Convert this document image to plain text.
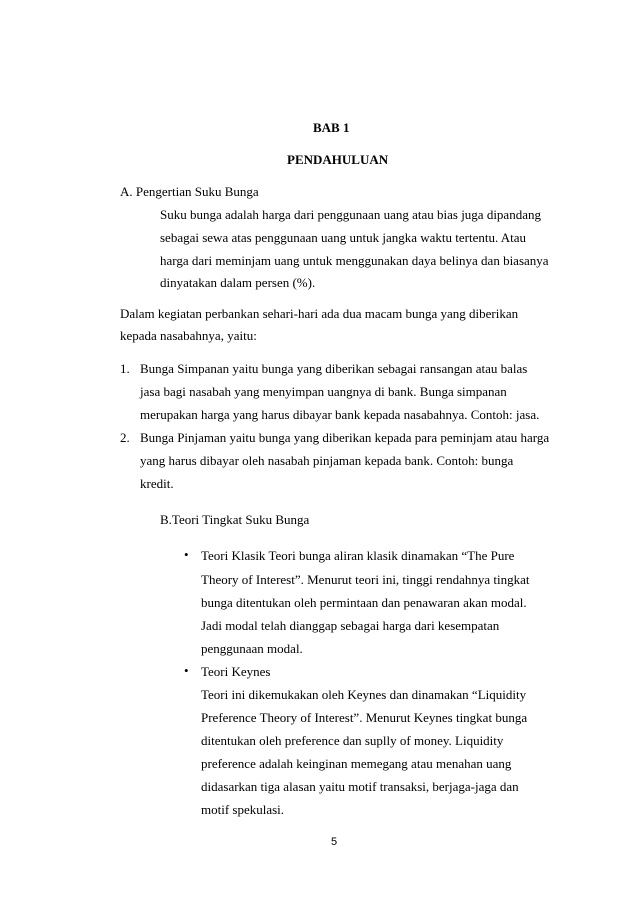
BAB 1
PENDAHULUAN
A. Pengertian Suku Bunga
Suku bunga adalah harga dari penggunaan uang atau bias juga dipandang
sebagai sewa atas penggunaan uang untuk jangka waktu tertentu. Atau
harga dari meminjam uang untuk menggunakan daya belinya dan biasanya
dinyatakan dalam persen (%).
Dalam kegiatan perbankan sehari-hari ada dua macam bunga yang diberikan
kepada nasabahnya, yaitu:
1. Bunga Simpanan yaitu bunga yang diberikan sebagai ransangan atau balas
jasa bagi nasabah yang menyimpan uangnya di bank. Bunga simpanan
merupakan harga yang harus dibayar bank kepada nasabahnya. Contoh: jasa.
2. Bunga Pinjaman yaitu bunga yang diberikan kepada para peminjam atau harga
yang harus dibayar oleh nasabah pinjaman kepada bank. Contoh: bunga
kredit.
B.Teori Tingkat Suku Bunga
• Teori Klasik Teori bunga aliran klasik dinamakan “The Pure
Theory of Interest”. Menurut teori ini, tinggi rendahnya tingkat
bunga ditentukan oleh permintaan dan penawaran akan modal.
Jadi modal telah dianggap sebagai harga dari kesempatan
penggunaan modal.
• Teori Keynes
Teori ini dikemukakan oleh Keynes dan dinamakan “Liquidity
Preference Theory of Interest”. Menurut Keynes tingkat bunga
ditentukan oleh preference dan suplly of money. Liquidity
preference adalah keinginan memegang atau menahan uang
didasarkan tiga alasan yaitu motif transaksi, berjaga-jaga dan
motif spekulasi.
5
